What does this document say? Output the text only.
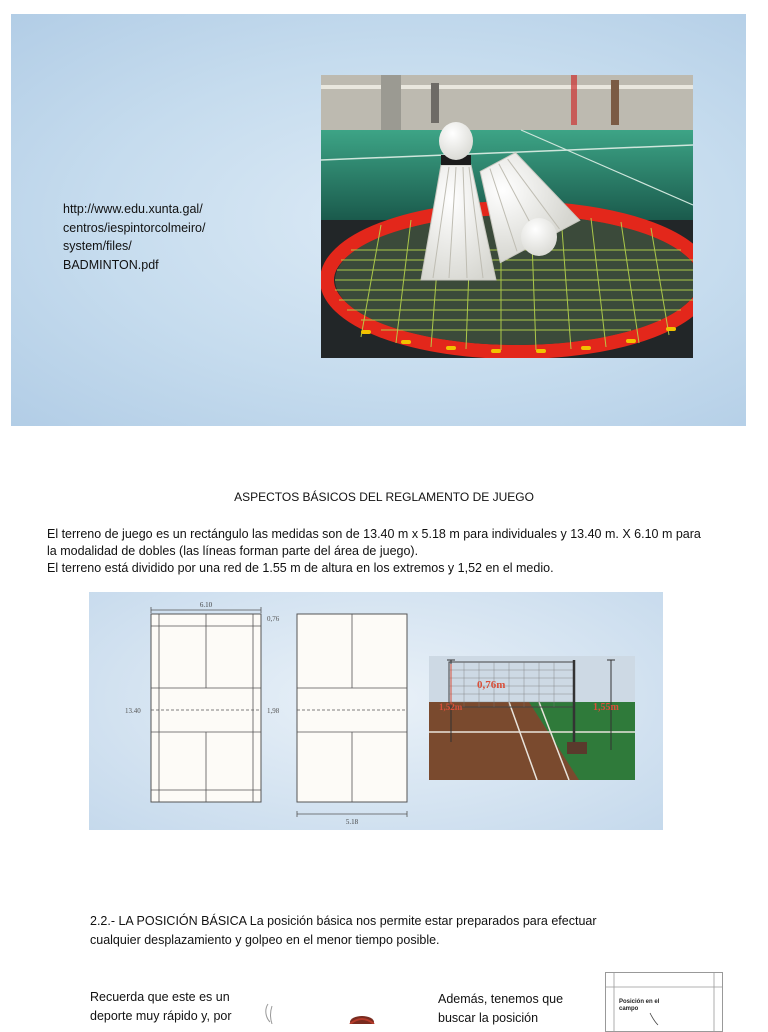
http://www.edu.xunta.gal/
centros/iespintorcolmeiro/
system/files/
BADMINTON.pdf
ASPECTOS BÁSICOS DEL REGLAMENTO DE JUEGO
El terreno de juego es un rectángulo las medidas son de 13.40 m x 5.18 m para individuales y 13.40 m. X 6.10 m para
la modalidad de dobles (las líneas forman parte del área de juego).
El terreno está dividido por una red de 1.55 m de altura en los extremos y 1,52 en el medio.
6.10
13.40
0,76
1,98
5.18
0,76m
1,52m	1,55m
2.2.- LA POSICIÓN BÁSICA La posición básica nos permite estar preparados para efectuar
cualquier desplazamiento y golpeo en el menor tiempo posible.
Recuerda que este es un
deporte muy rápido y, por
Además, tenemos que
buscar la posición
Posición en el
campo
